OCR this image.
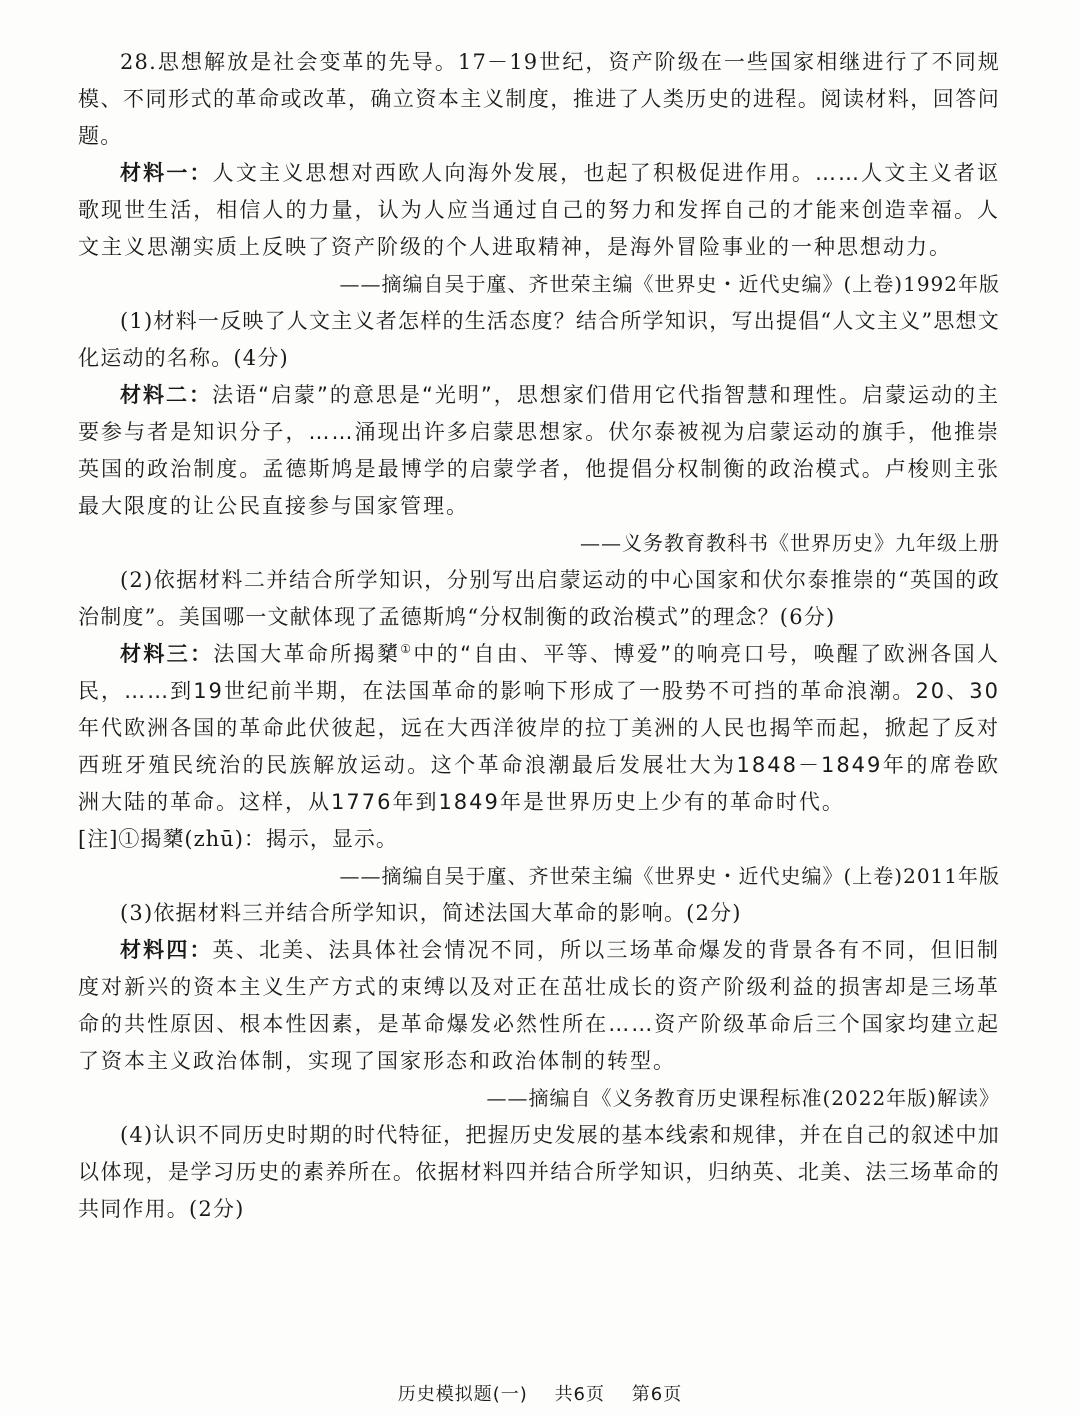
28.思想解放是社会变革的先导。17－19世纪，资产阶级在一些国家相继进行了不同规模、不同形式的革命或改革，确立资本主义制度，推进了人类历史的进程。阅读材料，回答问题。

材料一：人文主义思想对西欧人向海外发展，也起了积极促进作用。……人文主义者讴歌现世生活，相信人的力量，认为人应当通过自己的努力和发挥自己的才能来创造幸福。人文主义思潮实质上反映了资产阶级的个人进取精神，是海外冒险事业的一种思想动力。

——摘编自吴于廑、齐世荣主编《世界史・近代史编》(上卷)1992年版

(1)材料一反映了人文主义者怎样的生活态度？结合所学知识，写出提倡“人文主义”思想文化运动的名称。(4分)

材料二：法语“启蒙”的意思是“光明”，思想家们借用它代指智慧和理性。启蒙运动的主要参与者是知识分子，……涌现出许多启蒙思想家。伏尔泰被视为启蒙运动的旗手，他推崇英国的政治制度。孟德斯鸠是最博学的启蒙学者，他提倡分权制衡的政治模式。卢梭则主张最大限度的让公民直接参与国家管理。

——义务教育教科书《世界历史》九年级上册

(2)依据材料二并结合所学知识，分别写出启蒙运动的中心国家和伏尔泰推崇的“英国的政治制度”。美国哪一文献体现了孟德斯鸠“分权制衡的政治模式”的理念？(6分)

材料三：法国大革命所揭櫫①中的“自由、平等、博爱”的响亮口号，唤醒了欧洲各国人民，……到19世纪前半期，在法国革命的影响下形成了一股势不可挡的革命浪潮。20、30年代欧洲各国的革命此伏彼起，远在大西洋彼岸的拉丁美洲的人民也揭竿而起，掀起了反对西班牙殖民统治的民族解放运动。这个革命浪潮最后发展壮大为1848－1849年的席卷欧洲大陆的革命。这样，从1776年到1849年是世界历史上少有的革命时代。

[注]①揭櫫(zhū)：揭示，显示。

——摘编自吴于廑、齐世荣主编《世界史・近代史编》(上卷)2011年版

(3)依据材料三并结合所学知识，简述法国大革命的影响。(2分)

材料四：英、北美、法具体社会情况不同，所以三场革命爆发的背景各有不同，但旧制度对新兴的资本主义生产方式的束缚以及对正在茁壮成长的资产阶级利益的损害却是三场革命的共性原因、根本性因素，是革命爆发必然性所在……资产阶级革命后三个国家均建立起了资本主义政治体制，实现了国家形态和政治体制的转型。

——摘编自《义务教育历史课程标准(2022年版)解读》

(4)认识不同历史时期的时代特征，把握历史发展的基本线索和规律，并在自己的叙述中加以体现，是学习历史的素养所在。依据材料四并结合所学知识，归纳英、北美、法三场革命的共同作用。(2分)

历史模拟题(一) 共6页 第6页
